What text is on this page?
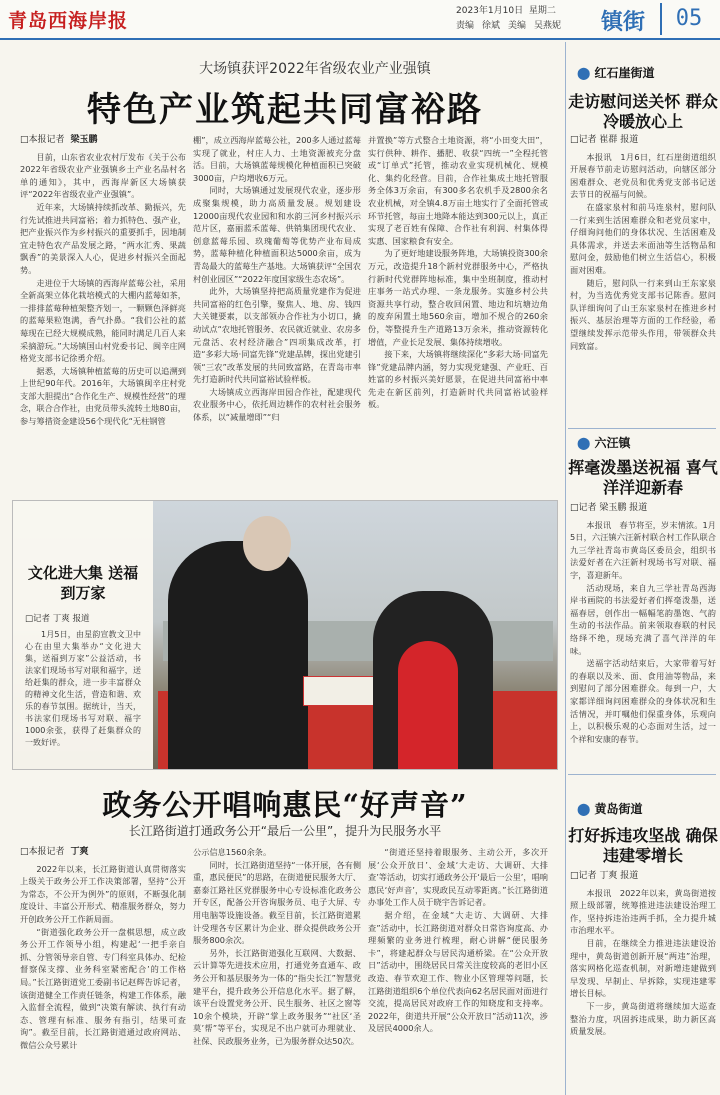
青岛西海岸报	2023年1月10日 星期二
责编 徐斌 美编 吴燕妮 镇街	05
大场镇获评2022年省级农业产业强镇
特色产业筑起共同富裕路

□本报记者 梁玉鹏

目前，山东省农业农村厅发布《关于公布2022年省级农业产业强镇乡土产业名品村名单的通知》，其中，西海岸新区大场镇获评“2022年省级农业产业强镇”。

近年来，大场镇持续抓改革、勤振兴，先行先试推进共同富裕；着力抓特色、强产业，把产业振兴作为乡村振兴的重要抓手，因地制宜走特色农产品发展之路，“两水汇秀、果蔬飘香”的美景深入人心，促进乡村振兴全面起势。

走进位于大场镇的西海岸蓝莓公社，采用全新高架立体化栽培模式的大棚内蓝莓如茶，一排排蓝莓种植架整齐划一，一颗颗色泽鲜亮的蓝莓果粒饱满，香气扑鼻。“我们公社的蓝莓现在已经大规模成熟，能同时满足几百人来采摘游玩。”大场镇国山村党委书记、闽辛庄网格党支部书记徐勇介绍。

据悉，大场镇种植蓝莓的历史可以追溯到上世纪90年代。2016年，大场镇闽辛庄村党支部大胆提出“合作化生产、规模性经营”的理念，联合合作社，由党员带头流转土地80亩，参与筹措资金建设56个现代化“无柱钢管

棚”，成立西海岸蓝莓公社，200多人通过蓝莓实现了就业，村庄人力、土地资源被充分盘活。目前，大场镇蓝莓规模化种植面积已突破3000亩，户均增收6万元。

同时，大场镇通过发展现代农业，逐步形成聚集规模，助力高质量发展。规划建设12000亩现代农业园和和水韵三河乡村振兴示范片区，嘉丽蓝禾蓝莓、供销集团现代农业、创意蓝莓乐园、玖瑰葡萄等优势产业布局成势，蓝莓种植化种植面积达5000余亩，成为青岛最大的蓝莓生产基地。大场镇获评“全国农村创业园区”“2022年度国家级生态农场”。

此外，大场镇坚持把高质量党建作为促进共同富裕的红色引擎，聚焦人、地、房、钱四大关键要素，以支部领办合作社为小切口，撬动试点“农地托管服务、农民就近就业、农房多元盘活、农村经济融合”四项集成改革，打造“多彩大场·同富先锋”党建品牌，探出党建引领“三农”改革发展的共同致富路，在青岛市率先打造新时代共同富裕试验样板。

大场镇成立西海岸田园合作社，配建现代农业服务中心，依托周边耕作的农村社会服务体系，以“减量增即”“归

并置换”等方式整合土地资源，将“小田变大田”，实行供种、耕作、播肥、收获“四统一”全程托管或“订单式”托管，推动农业实现机械化、规模化、集约化经营。目前，合作社集成土地托管服务全体3万余亩，有300多名农机手及2800余名农业机械，对全镇4.8万亩土地实行了全面托管或环节托管，每亩土地降本能达到300元以上，真正实现了老百姓有保障、合作社有利润、村集体得实惠、国家粮食有安全。

为了更好地建设服务阵地，大场镇投资300余万元，改造提升18个新村党群服务中心，严格执行新时代党群阵地标准，集中坐班制度，推动村庄事务一站式办理、一条龙服务。实施乡村公共资源共享行动，整合收回闲置、地边和坑塘边角的废弃闲置土地560余亩，增加不规合的260余份，等整提升生产道路13万余米，推动资源转化增值，产业长足发展、集体持续增收。

接下来，大场镇将继续深化“多彩大场·同富先锋”党建品牌内涵，努力实现党建强、产业旺、百姓富的乡村振兴美好愿景，在促进共同富裕中率先走在新区前列，打造新时代共同富裕试验样板。

文化进大集 送福到万家

□记者 丁爽 报道

1月5日，由星韵宣教文卫中心在由里大集举办“文化进大集，送福到万家”公益活动，书法家们现场书写对联和福字，送给赶集的群众，进一步丰富群众的精神文化生活，营造和谐、欢乐的春节氛围。据统计，当天，书法家们现场书写对联、福字1000余张，获得了赶集群众的一致好评。

政务公开唱响惠民“好声音”
长江路街道打通政务公开“最后一公里”，提升为民服务水平

□本报记者 丁爽

2022年以来，长江路街道认真贯彻落实上级关于政务公开工作决策部署，坚持“公开为常态，不公开为例外”的原则，不断强化制度设计、丰富公开形式、精准服务群众，努力开创政务公开工作新局面。

“街道强化政务公开一盘棋思想，成立政务公开工作领导小组，构建起‘一把手亲自抓、分管领导亲自管、专门科室具体办、纪检督察保支撑、业务科室紧密配合’的工作格局。”长江路街道党工委副书记赵辉告诉记者，该街道健全工作责任链条，构建工作体系，融入监督全流程，做到“决策有解读、执行有动态、管理有标准、服务有指引，结果可查询”。截至目前，长江路街道通过政府网站、微信公众号累计

公示信息1560余条。

同时，长江路街道坚持“一体开展，各有侧重，惠民便民”的思路，在街道便民服务大厅、嘉泰江路社区党群服务中心专设标准化政务公开专区，配备公开咨询服务员、电子大屏、专用电脑等设施设备。截至目前，长江路街道累计受理各专区累计为企业、群众提供政务公开服务800余次。

另外，长江路街道强化互联网、大数据、云计算等先进技术应用，打通党务直通车、政务公开和基层服务为一体的“指尖长江”智慧党建平台，提升政务公开信息化水平。据了解，该平台设置党务公开、民生服务、社区之窗等10余个模块，开辟“掌上政务服务”“社区‘圣莫’帮”等平台，实现足不出户就可办理就业、社保、民政服务业务，已为服务群众达50次。

“街道还坚持着眼服务、主动公开，多次开展‘公众开放日’、金域‘大走访、大调研、大排查’等活动，切实打通政务公开‘最后一公里’，唱响惠民‘好声音’，实现政民互动零距离。”长江路街道办事处工作人员于晓宇告诉记者。

据介绍，在金域“大走访、大调研、大排查”活动中，长江路街道对群众日常咨询度高、办理频繁的业务进行梳理，耐心讲解“便民服务卡”，将建起群众与居民沟通桥梁。在“公众开放日”活动中，围绕居民日常关注度较高的老旧小区改造、春节欢迎工作、物业小区管理等问题，长江路街道组织6个单位代表向62名居民面对面进行交流，提高居民对政府工作的知晓度和支持率。2022年，街道共开展“公众开放日”活动11次，涉及居民4000余人。

⬤ 红石崖街道
走访慰问送关怀 群众冷暖放心上

□记者 崔群 报道

本报讯　1月6日，红石崖街道组织开展春节前走访慰问活动，向辖区部分困难群众、老党员和优秀党支部书记送去节日的祝福与问候。

在盛家泉村和前马连泉村，慰问队一行来到生活困难群众和老党员家中，仔细询问他们的身体状况、生活困难及具体需求，并送去米面油等生活物品和慰问金，鼓励他们树立生活信心，积极面对困难。

随后，慰问队一行来到山王东家泉村，为当选优秀党支部书记陈香。慰问队详细询问了山王东家泉村在推进乡村振兴、基层治理等方面的工作经验，希望继续发挥示范带头作用，带领群众共同致富。

⬤ 六汪镇
挥毫泼墨送祝福 喜气洋洋迎新春

□记者 梁玉鹏 报道

本报讯　春节将至，岁末情浓。1月5日，六汪镇六汪新村联合村工作队联合九三学社青岛市黄岛区委员会，组织书法爱好者在六汪新村现场书写对联、福字，喜迎新年。

活动现场，来自九三学社青岛西海岸书画院的书法爱好者们挥毫泼墨，送福春居，创作出一幅幅笔韵墨饱、气韵生动的书法作品。前来领取春联的村民络绎不绝，现场充满了喜气洋洋的年味。

送福字活动结束后，大家带着写好的春联以及米、面、食用油等物品，来到慰问了部分困难群众。每到一户，大家都详细询问困难群众的身体状况和生活情况，并叮嘱他们保重身体，乐观向上，以积极乐观的心态面对生活，过一个祥和安康的春节。

⬤ 黄岛街道
打好拆违攻坚战 确保违建零增长

□记者 丁爽 报道

本报讯　2022年以来，黄岛街道按照上级部署，统筹推进违法建设治理工作，坚持拆违治违两手抓，全力提升城市治理水平。

目前，在继续全力推进违法建设治理中，黄岛街道创新开展“两违”治理，落实网格化巡查机制，对新增违建做到早发现、早制止、早拆除，实现违建零增长目标。

下一步，黄岛街道将继续加大巡查整治力度，巩固拆违成果，助力新区高质量发展。
